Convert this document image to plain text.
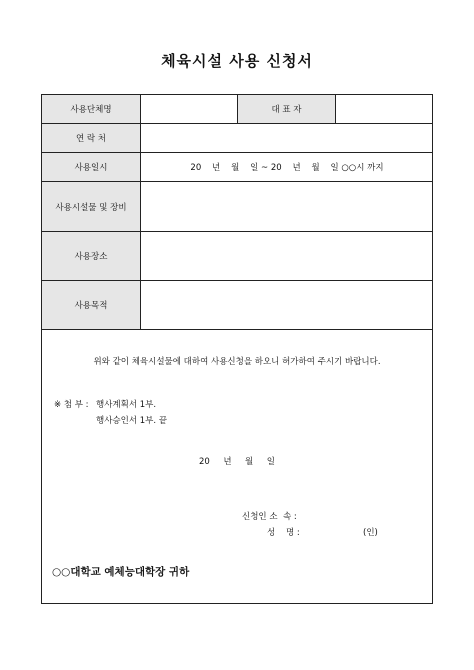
체육시설 사용 신청서
사용단체명	대 표 자
연 락 처
사용일시	20    년    월    일 ~ 20    년    월    일 ○○시 까지
사용시설물 및 장비
사용장소
사용목적
위와 같이 체육시설물에 대하여 사용신청을 하오니 허가하여 주시기 바랍니다.
※ 첨 부 : 행사계획서 1부.
행사승인서 1부. 끝
20     년     월     일
신청인 소  속 :
성    명 :	(인)
○○대학교 예체능대학장 귀하
